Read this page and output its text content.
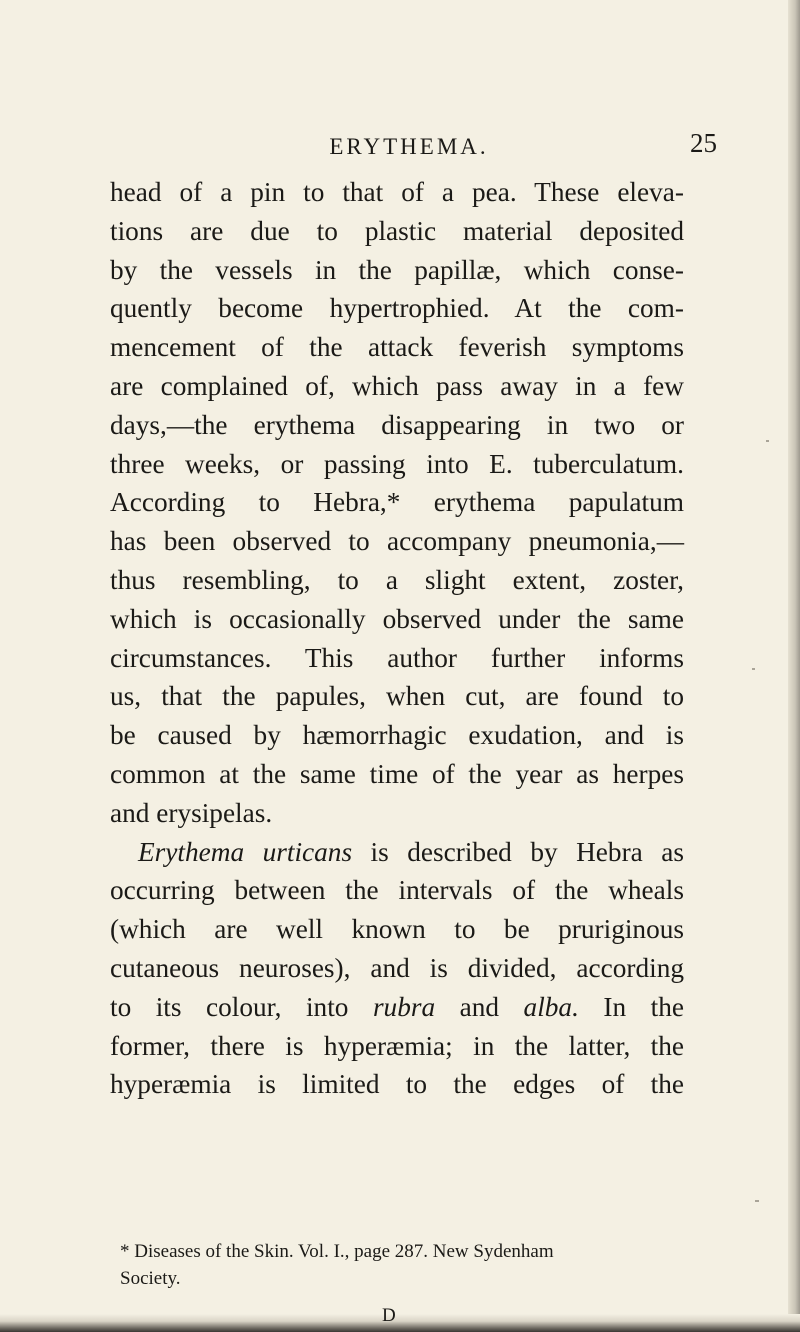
ERYTHEMA.	25
head of a pin to that of a pea. These eleva-
tions are due to plastic material deposited
by the vessels in the papillæ, which conse-
quently become hypertrophied. At the com-
mencement of the attack feverish symptoms
are complained of, which pass away in a few
days,—the erythema disappearing in two or
three weeks, or passing into E. tuberculatum.
According to Hebra,* erythema papulatum
has been observed to accompany pneumonia,—
thus resembling, to a slight extent, zoster,
which is occasionally observed under the same
circumstances. This author further informs
us, that the papules, when cut, are found to
be caused by hæmorrhagic exudation, and is
common at the same time of the year as herpes
and erysipelas.
Erythema urticans is described by Hebra as
occurring between the intervals of the wheals
(which are well known to be pruriginous
cutaneous neuroses), and is divided, according
to its colour, into rubra and alba. In the
former, there is hyperæmia; in the latter, the
hyperæmia is limited to the edges of the
* Diseases of the Skin. Vol. I., page 287. New Sydenham
Society.
D
